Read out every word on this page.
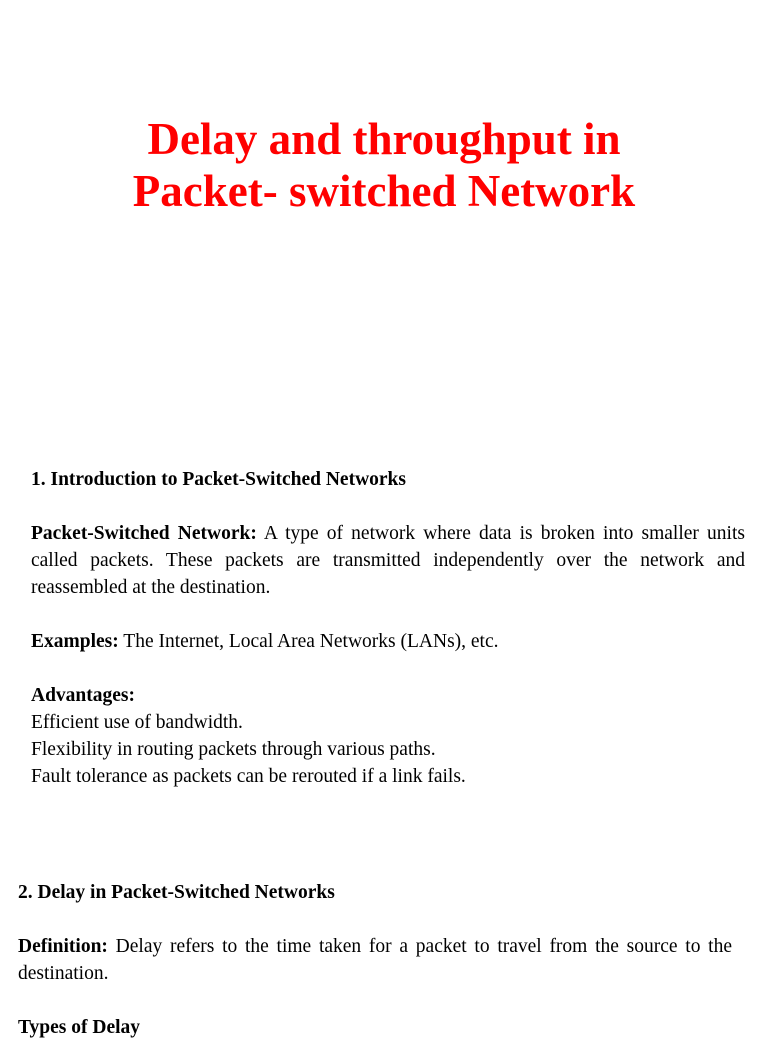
Delay and throughput in
Packet- switched Network

1. Introduction to Packet-Switched Networks

Packet-Switched Network: A type of network where data is broken into smaller units called packets. These packets are transmitted independently over the network and reassembled at the destination.

Examples: The Internet, Local Area Networks (LANs), etc.

Advantages:
Efficient use of bandwidth.
Flexibility in routing packets through various paths.
Fault tolerance as packets can be rerouted if a link fails.

2. Delay in Packet-Switched Networks

Definition: Delay refers to the time taken for a packet to travel from the source to the destination.

Types of Delay
